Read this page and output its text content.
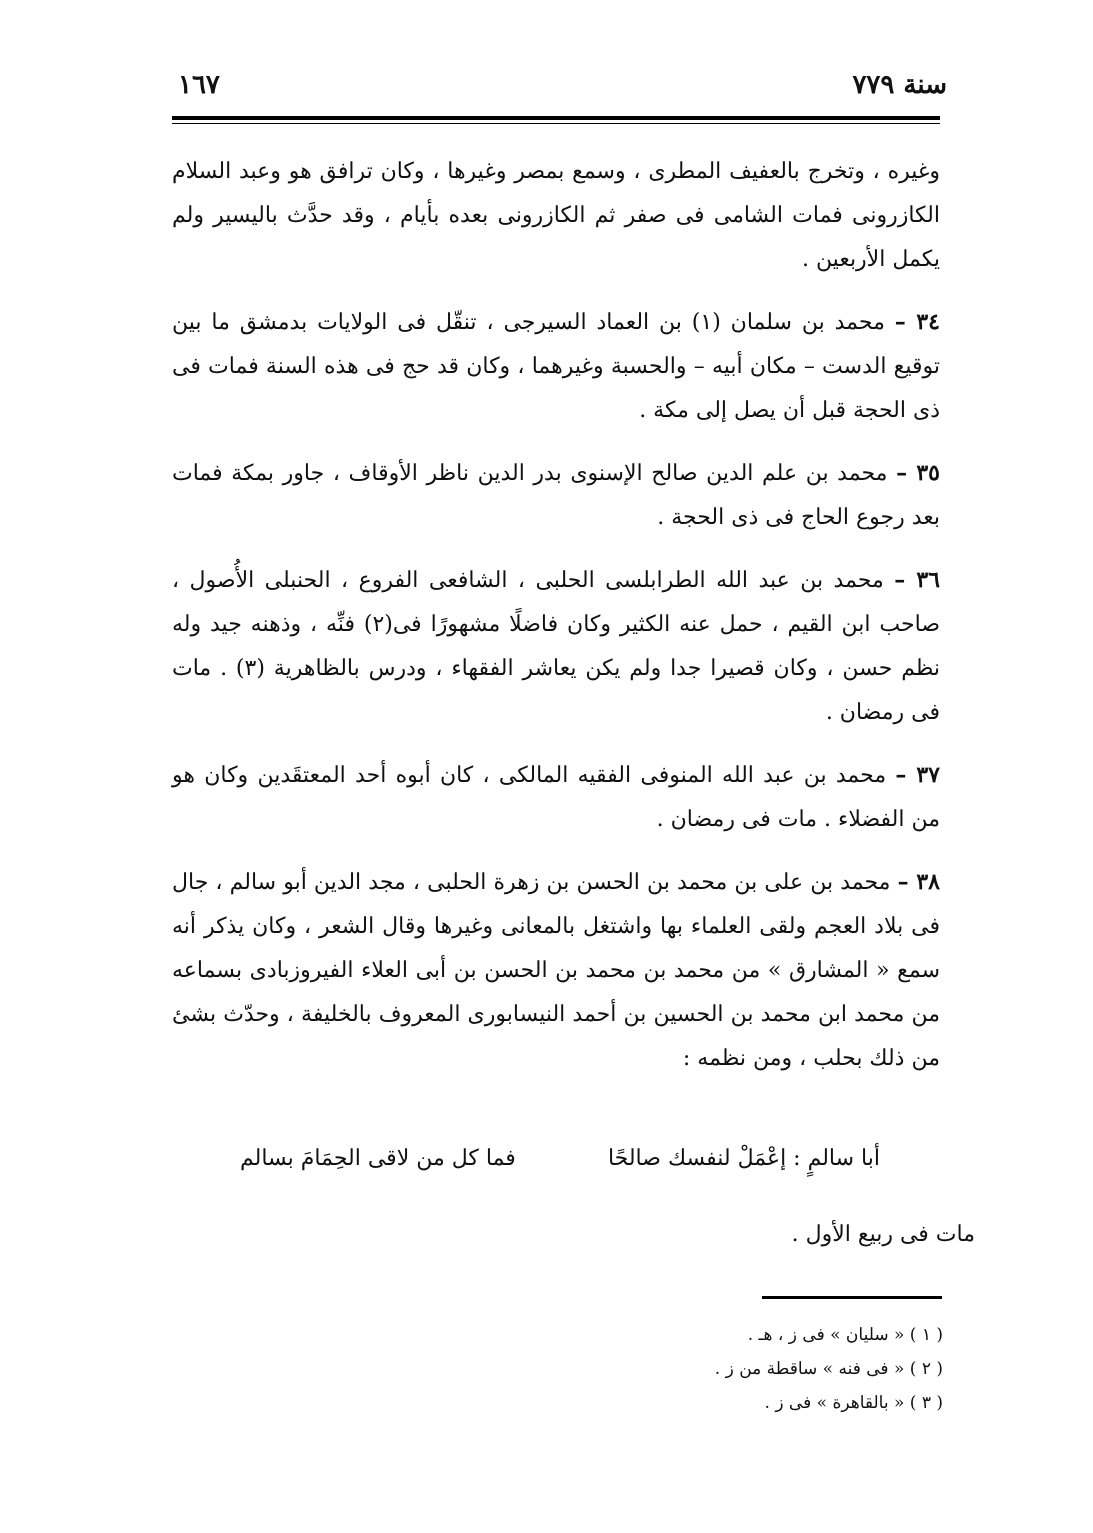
سنة ٧٧٩
١٦٧

وغيره ، وتخرج بالعفيف المطرى ، وسمع بمصر وغيرها ، وكان ترافق هو وعبد السلام الكازرونى فمات الشامى فى صفر ثم الكازرونى بعده بأيام ، وقد حدَّث باليسير ولم يكمل الأربعين .

٣٤ – محمد بن سلمان (١) بن العماد السيرجى ، تنقّل فى الولايات بدمشق ما بين توقيع الدست – مكان أبيه – والحسبة وغيرهما ، وكان قد حج فى هذه السنة فمات فى ذى الحجة قبل أن يصل إلى مكة .

٣٥ – محمد بن علم الدين صالح الإسنوى بدر الدين ناظر الأوقاف ، جاور بمكة فمات بعد رجوع الحاج فى ذى الحجة .

٣٦ – محمد بن عبد الله الطرابلسى الحلبى ، الشافعى الفروع ، الحنبلى الأُصول ، صاحب ابن القيم ، حمل عنه الكثير وكان فاضلًا مشهورًا فى(٢) فنِّه ، وذهنه جيد وله نظم حسن ، وكان قصيرا جدا ولم يكن يعاشر الفقهاء ، ودرس بالظاهرية (٣) . مات فى رمضان .

٣٧ – محمد بن عبد الله المنوفى الفقيه المالكى ، كان أبوه أحد المعتقَدين وكان هو من الفضلاء . مات فى رمضان .

٣٨ – محمد بن على بن محمد بن الحسن بن زهرة الحلبى ، مجد الدين أبو سالم ، جال فى بلاد العجم ولقى العلماء بها واشتغل بالمعانى وغيرها وقال الشعر ، وكان يذكر أنه سمع « المشارق » من محمد بن محمد بن الحسن بن أبى العلاء الفيروزبادى بسماعه من محمد ابن محمد بن الحسين بن أحمد النيسابورى المعروف بالخليفة ، وحدّث بشئ من ذلك بحلب ، ومن نظمه :

أبا سالمٍ : إعْمَلْ لنفسك صالحًا
فما كل من لاقى الحِمَامَ بسالم
مات فى ربيع الأول .
( ١ ) « سليان » فى ز ، هـ .
( ٢ ) « فى فنه » ساقطة من ز .
( ٣ ) « بالقاهرة » فى ز .
